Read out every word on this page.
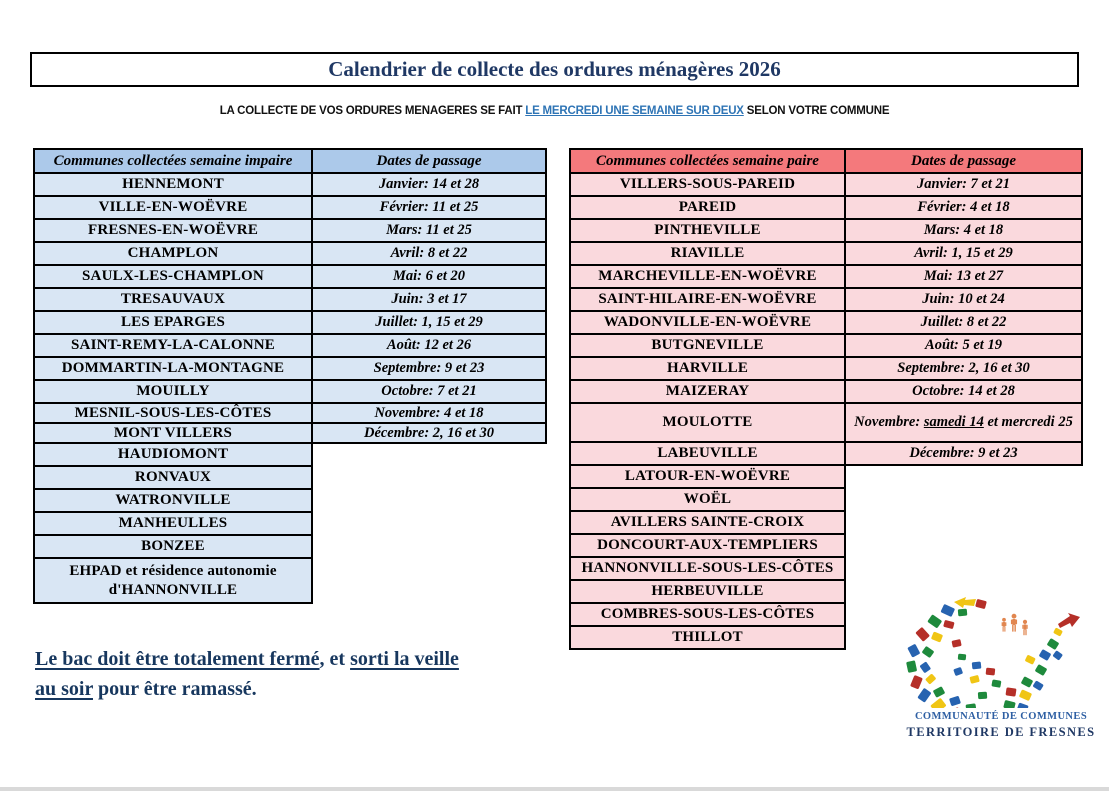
Calendrier de collecte des ordures ménagères 2026
LA COLLECTE DE VOS ORDURES MENAGERES SE FAIT LE MERCREDI UNE SEMAINE SUR DEUX SELON VOTRE COMMUNE
Communes collectées semaine impaire
HENNEMONT
VILLE-EN-WOËVRE
FRESNES-EN-WOËVRE
CHAMPLON
SAULX-LES-CHAMPLON
TRESAUVAUX
LES EPARGES
SAINT-REMY-LA-CALONNE
DOMMARTIN-LA-MONTAGNE
MOUILLY
MESNIL-SOUS-LES-CÔTES
MONT VILLERS
HAUDIOMONT
RONVAUX
WATRONVILLE
MANHEULLES
BONZEE
EHPAD et résidence autonomie d'HANNONVILLE
Dates de passage
Janvier: 14 et 28
Février: 11 et 25
Mars: 11 et 25
Avril: 8 et 22
Mai: 6 et 20
Juin: 3 et 17
Juillet: 1, 15 et 29
Août: 12 et 26
Septembre: 9 et 23
Octobre: 7 et 21
Novembre: 4 et 18
Décembre: 2, 16 et 30
Communes collectées semaine paire
VILLERS-SOUS-PAREID
PAREID
PINTHEVILLE
RIAVILLE
MARCHEVILLE-EN-WOËVRE
SAINT-HILAIRE-EN-WOËVRE
WADONVILLE-EN-WOËVRE
BUTGNEVILLE
HARVILLE
MAIZERAY
MOULOTTE
LABEUVILLE
LATOUR-EN-WOËVRE
WOËL
AVILLERS SAINTE-CROIX
DONCOURT-AUX-TEMPLIERS
HANNONVILLE-SOUS-LES-CÔTES
HERBEUVILLE
COMBRES-SOUS-LES-CÔTES
THILLOT
Dates de passage
Janvier: 7 et 21
Février: 4 et 18
Mars: 4 et 18
Avril: 1, 15 et 29
Mai: 13 et 27
Juin: 10 et 24
Juillet: 8 et 22
Août: 5 et 19
Septembre: 2, 16 et 30
Octobre: 14 et 28
Novembre: samedi 14 et mercredi 25
Décembre: 9 et 23
Le bac doit être totalement fermé, et sorti la veille au soir pour être ramassé.
COMMUNAUTÉ DE COMMUNES
TERRITOIRE DE FRESNES
